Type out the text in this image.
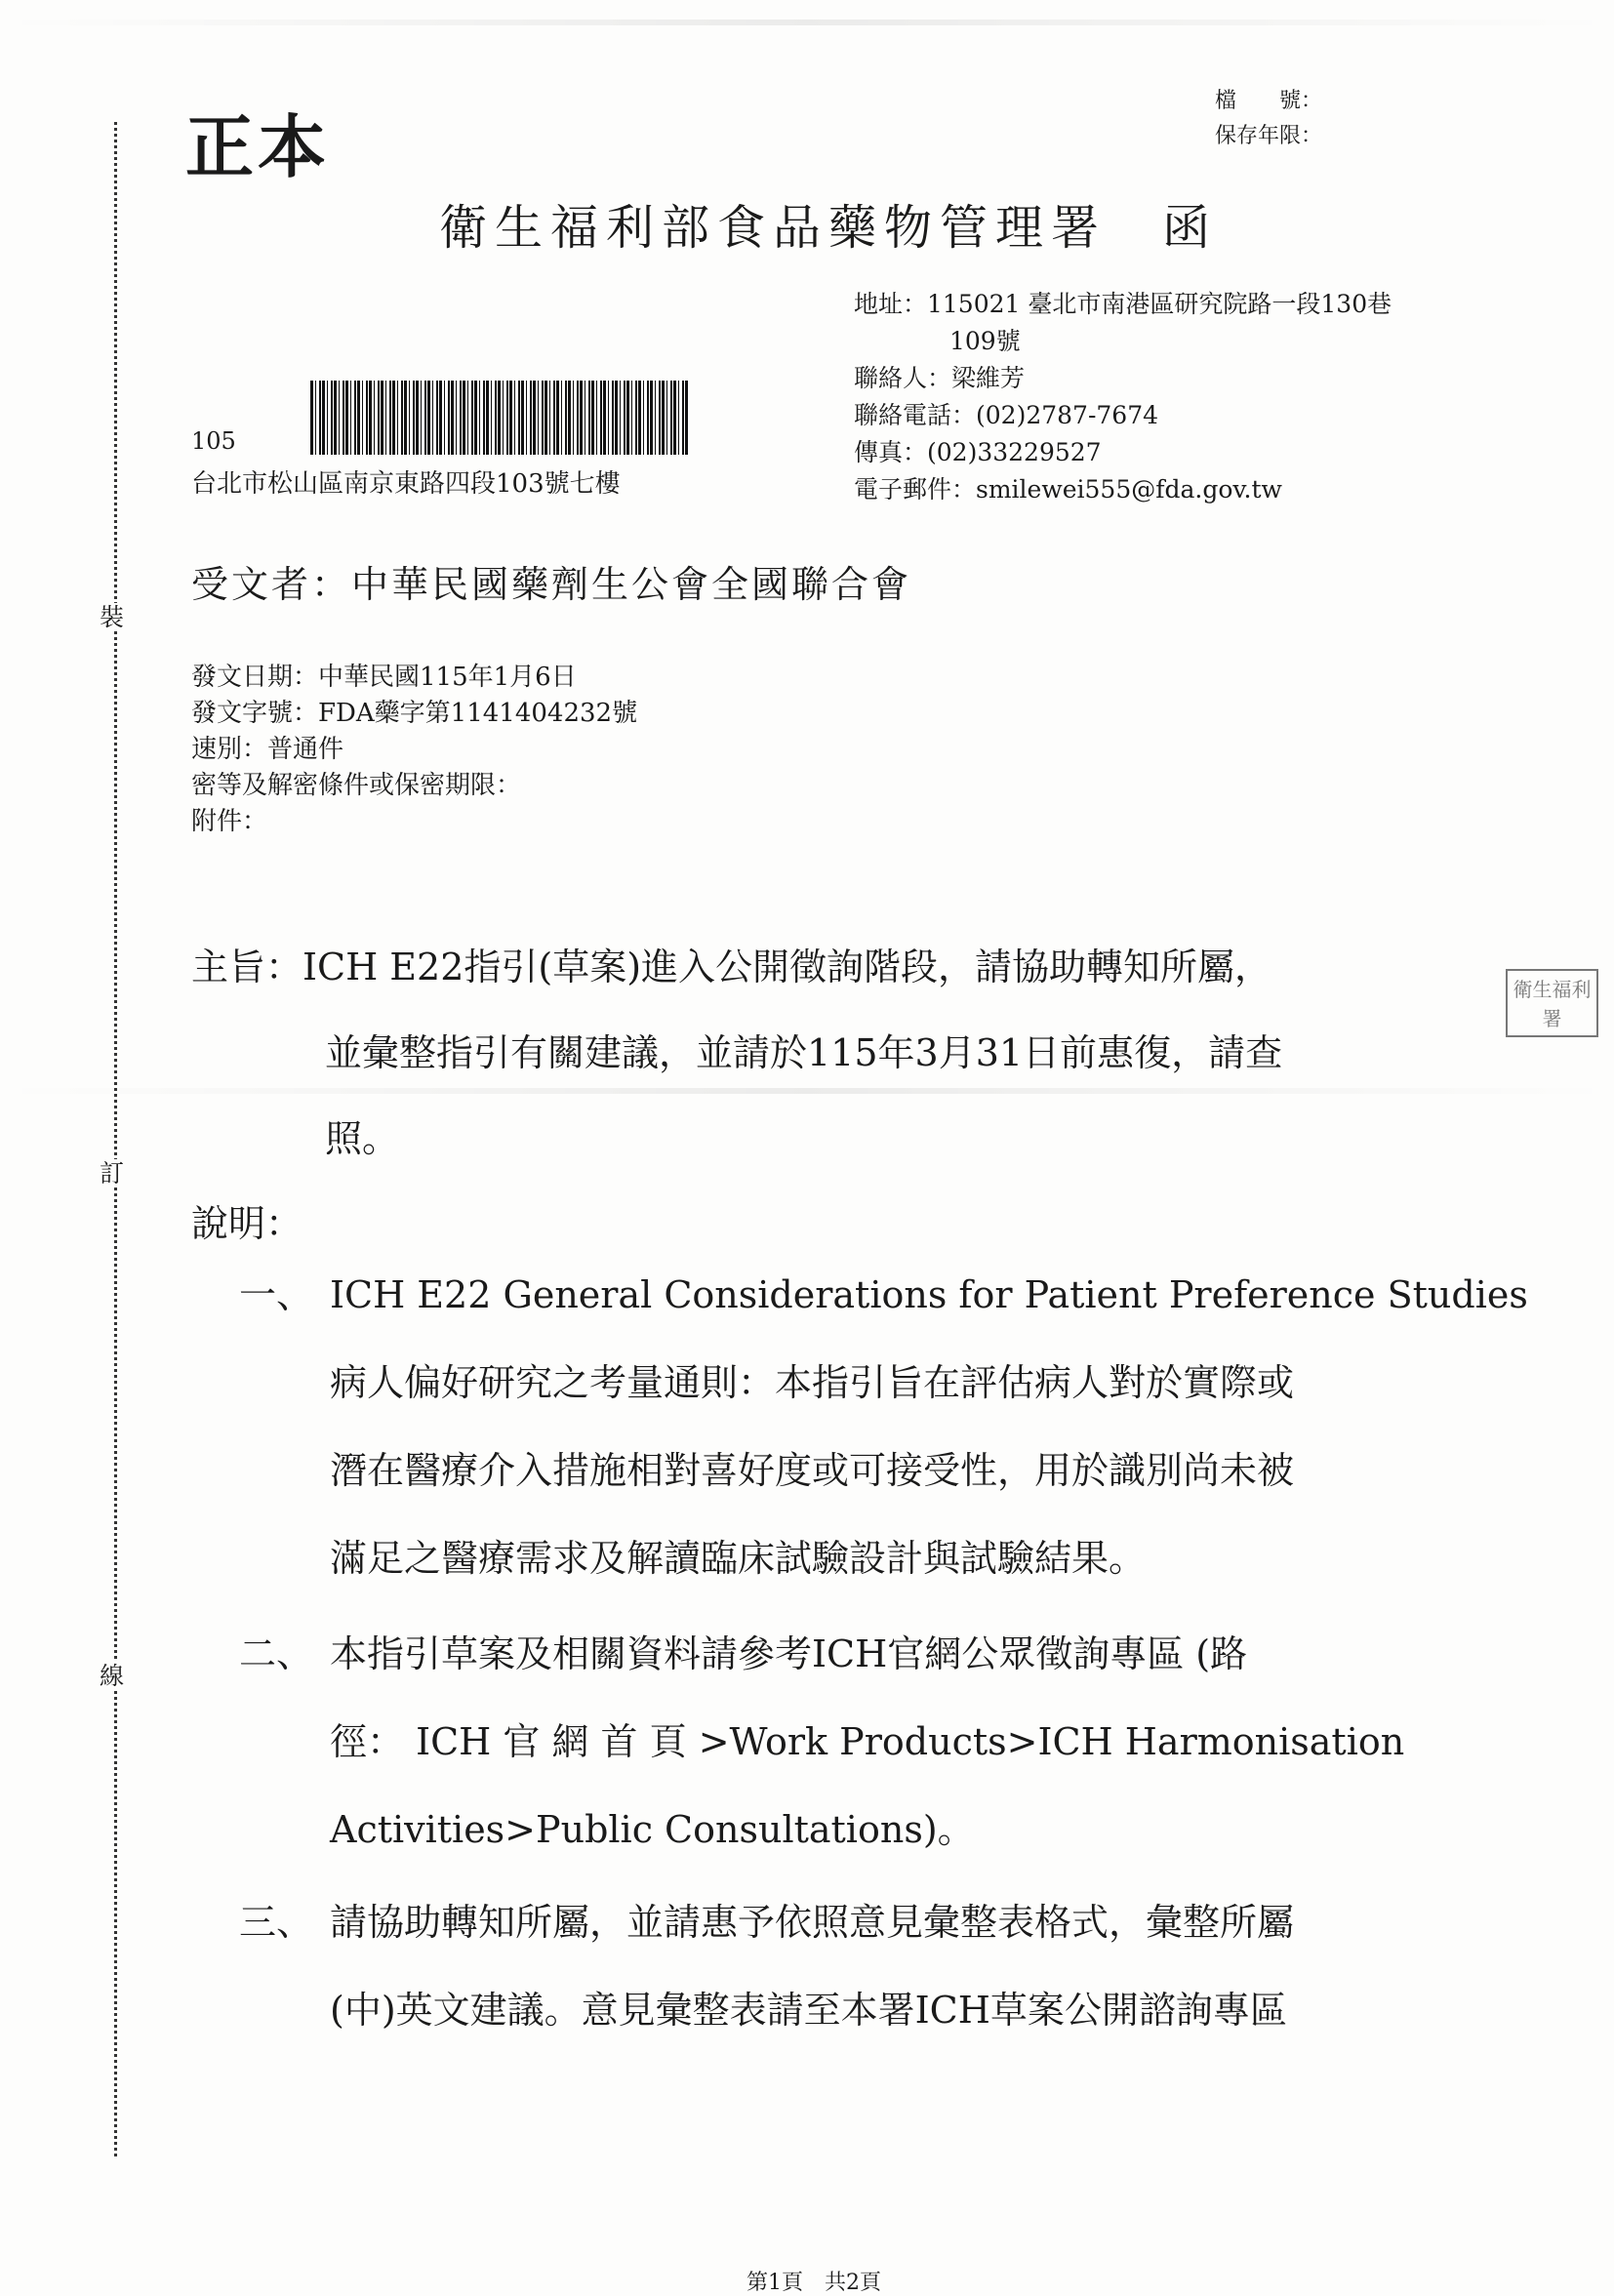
裝
訂
線
正本
檔　　號：
保存年限：
衛生福利部食品藥物管理署　函
地址：115021 臺北市南港區研究院路一段130巷
109號
聯絡人：梁維芳
聯絡電話：(02)2787-7674
傳真：(02)33229527
電子郵件：smilewei555@fda.gov.tw
105
台北市松山區南京東路四段103號七樓
受文者：中華民國藥劑生公會全國聯合會
發文日期：中華民國115年1月6日
發文字號：FDA藥字第1141404232號
速別：普通件
密等及解密條件或保密期限：
附件：
主旨：ICH E22指引(草案)進入公開徵詢階段，請協助轉知所屬，
並彙整指引有關建議，並請於115年3月31日前惠復，請查
照。
衛生福利 署
說明：
一、 ICH E22 General Considerations for Patient Preference Studies
病人偏好研究之考量通則：本指引旨在評估病人對於實際或
潛在醫療介入措施相對喜好度或可接受性，用於識別尚未被
滿足之醫療需求及解讀臨床試驗設計與試驗結果。
二、 本指引草案及相關資料請參考ICH官網公眾徵詢專區 (路
徑： ICH 官 網 首 頁 >Work Products>ICH Harmonisation
Activities>Public Consultations)。
三、 請協助轉知所屬，並請惠予依照意見彙整表格式，彙整所屬
(中)英文建議。意見彙整表請至本署ICH草案公開諮詢專區
第1頁　共2頁
